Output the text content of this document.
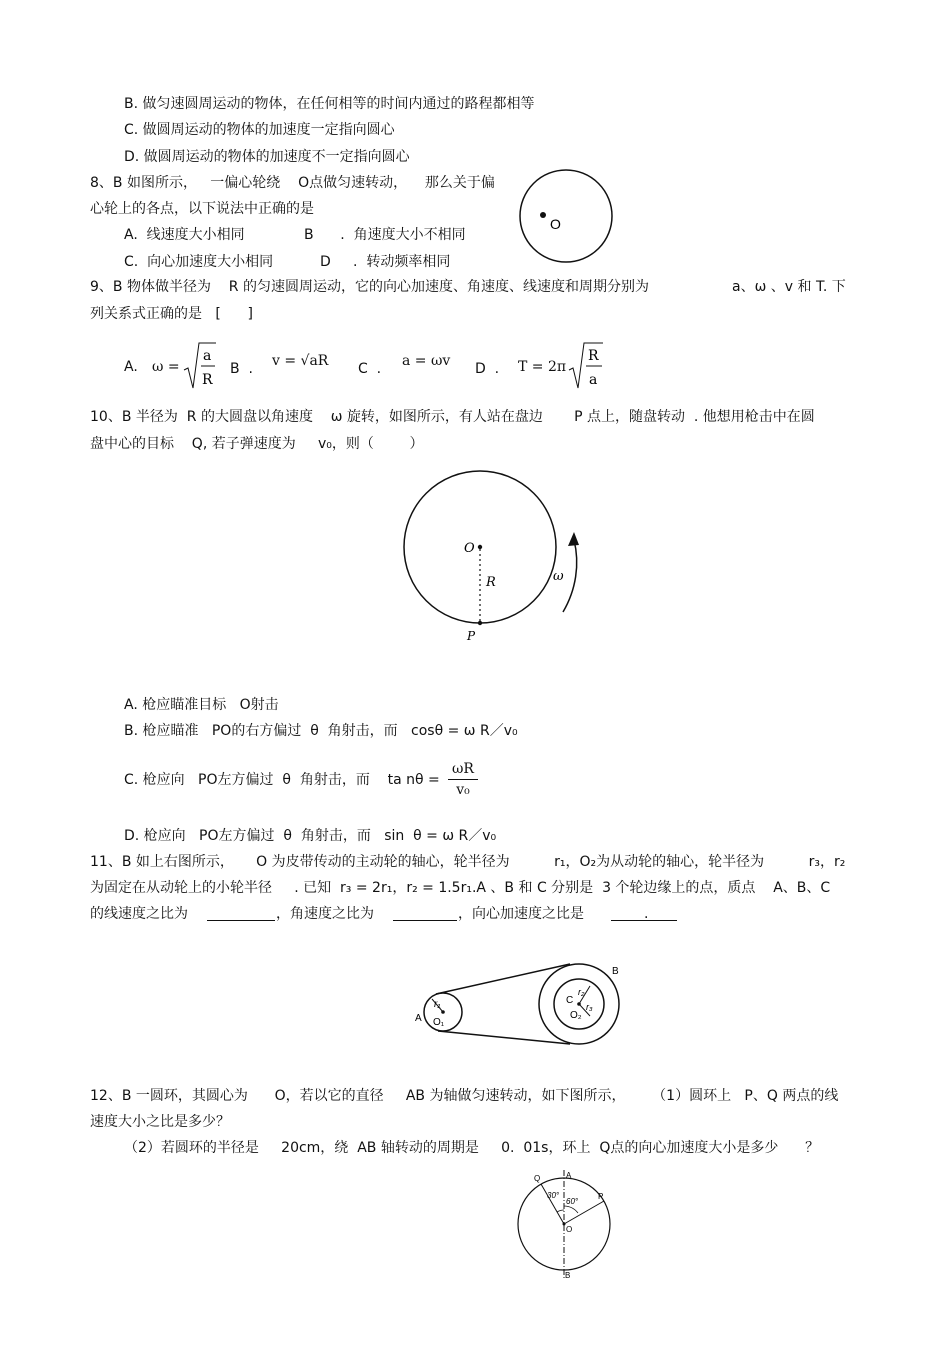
B. 做匀速圆周运动的物体，在任何相等的时间内通过的路程都相等
C. 做圆周运动的物体的加速度一定指向圆心
D. 做圆周运动的物体的加速度不一定指向圆心
8、B 如图所示，   一偏心轮绕    O点做匀速转动，    那么关于偏
心轮上的各点，以下说法中正确的是
A.  线速度大小相同	B      .  角速度大小不相同
C.  向心加速度大小相同	D     .  转动频率相同
O
9、B 物体做半径为    R 的匀速圆周运动，它的向心加速度、角速度、线速度和周期分别为	a、ω 、v 和 T. 下
列关系式正确的是   [      ]
A. ω =
a
R
B  . v = √aR C  . a = ωv D  . T = 2π
R
a
10、B 半径为  R 的大圆盘以角速度    ω 旋转，如图所示，有人站在盘边       P 点上，随盘转动  . 他想用枪击中在圆
盘中心的目标    Q, 若子弹速度为     v₀，则（        ）
O
R
P
ω
A. 枪应瞄准目标   O射击
B. 枪应瞄准   PO的右方偏过  θ  角射击，而   cosθ = ω R／v₀
C. 枪应向   PO左方偏过  θ  角射击，而    ta $n\theta = \frac{\omega R}{\text{v₀}}$
D. 枪应向   PO左方偏过  θ  角射击，而   sin  θ = ω R／v₀
11、B 如上右图所示，     O 为皮带传动的主动轮的轴心，轮半径为          r₁，O₂为从动轮的轴心，轮半径为          r₃，r₂
为固定在从动轮上的小轮半径     . 已知  r₃ = 2r₁，r₂ = 1.5r₁.A 、B 和 C 分别是  3 个轮边缘上的点，质点    A、B、C
的线速度之比为	，角速度之比为	，向心加速度之比是	.
r₁
O₁
A
B
C
r₂
r₃
O₂
12、B 一圆环，其圆心为      O，若以它的直径     AB 为轴做匀速转动，如下图所示，      （1）圆环上   P、Q 两点的线
速度大小之比是多少？
（2）若圆环的半径是     20cm，绕  AB 轴转动的周期是     0.  01s，环上  Q点的向心加速度大小是多少      ？
Q	A
P
O
B
30°
60°
